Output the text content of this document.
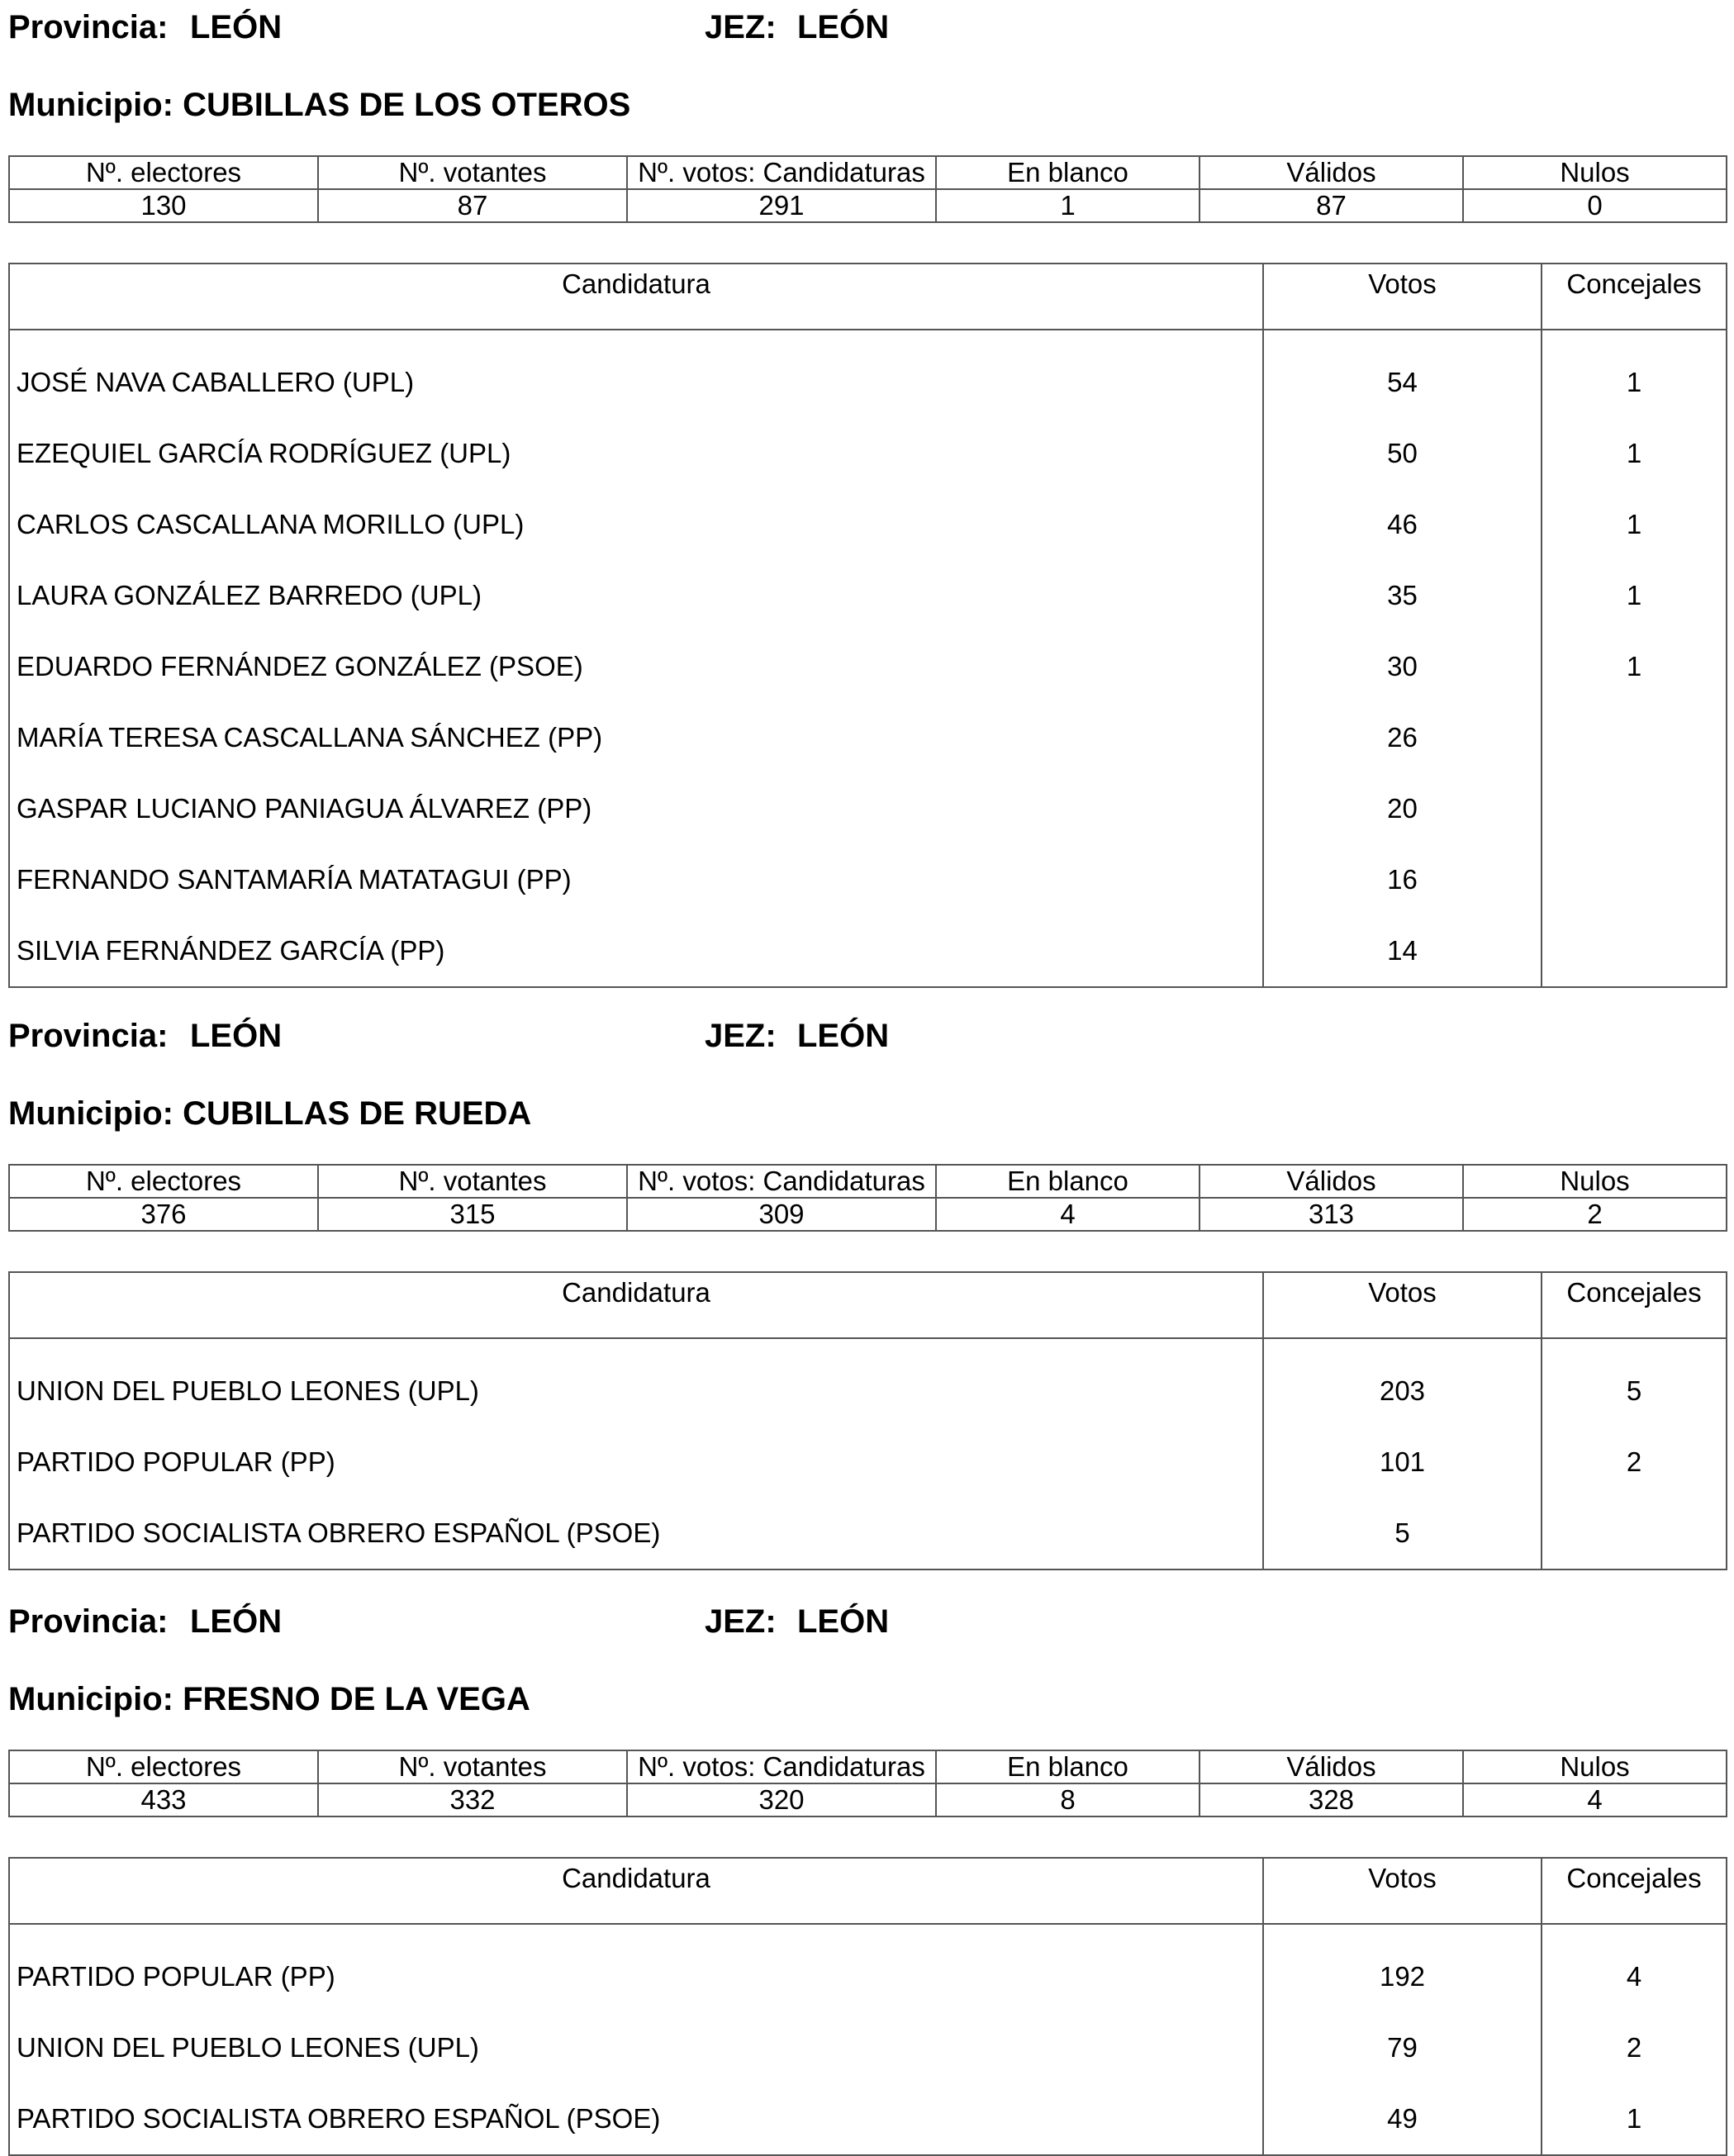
Provincia: LEÓN	JEZ: LEÓN
Municipio: CUBILLAS DE LOS OTEROS
Nº. electores	Nº. votantes	Nº. votos: Candidaturas	En blanco	Válidos	Nulos
130	87	291	1	87	0
Candidatura	Votos	Concejales
JOSÉ NAVA CABALLERO (UPL)	54	1
EZEQUIEL GARCÍA RODRÍGUEZ (UPL)	50	1
CARLOS CASCALLANA MORILLO (UPL)	46	1
LAURA GONZÁLEZ BARREDO (UPL)	35	1
EDUARDO FERNÁNDEZ GONZÁLEZ (PSOE)	30	1
MARÍA TERESA CASCALLANA SÁNCHEZ (PP)	26	
GASPAR LUCIANO PANIAGUA ÁLVAREZ (PP)	20	
FERNANDO SANTAMARÍA MATATAGUI (PP)	16	
SILVIA FERNÁNDEZ GARCÍA (PP)	14	
Provincia: LEÓN	JEZ: LEÓN
Municipio: CUBILLAS DE RUEDA
Nº. electores	Nº. votantes	Nº. votos: Candidaturas	En blanco	Válidos	Nulos
376	315	309	4	313	2
Candidatura	Votos	Concejales
UNION DEL PUEBLO LEONES (UPL)	203	5
PARTIDO POPULAR (PP)	101	2
PARTIDO SOCIALISTA OBRERO ESPAÑOL (PSOE)	5	
Provincia: LEÓN	JEZ: LEÓN
Municipio: FRESNO DE LA VEGA
Nº. electores	Nº. votantes	Nº. votos: Candidaturas	En blanco	Válidos	Nulos
433	332	320	8	328	4
Candidatura	Votos	Concejales
PARTIDO POPULAR (PP)	192	4
UNION DEL PUEBLO LEONES (UPL)	79	2
PARTIDO SOCIALISTA OBRERO ESPAÑOL (PSOE)	49	1
